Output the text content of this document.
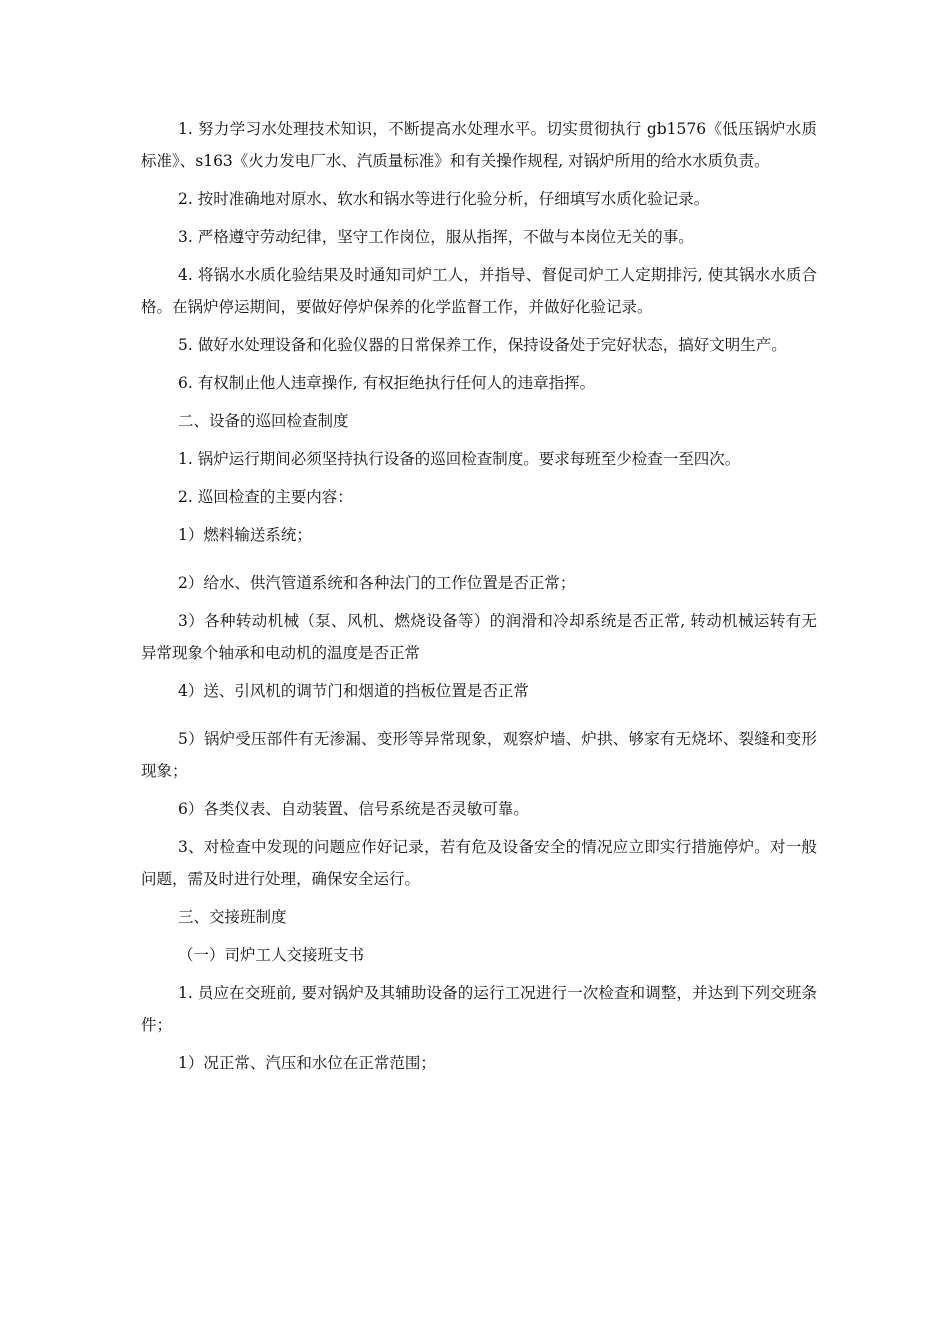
1. 努力学习水处理技术知识，不断提高水处理水平。切实贯彻执行 gb1576《低压锅炉水质标准》、s163《火力发电厂水、汽质量标准》和有关操作规程, 对锅炉所用的给水水质负责。

2. 按时准确地对原水、软水和锅水等进行化验分析，仔细填写水质化验记录。

3. 严格遵守劳动纪律，坚守工作岗位，服从指挥，不做与本岗位无关的事。

4. 将锅水水质化验结果及时通知司炉工人，并指导、督促司炉工人定期排污, 使其锅水水质合格。在锅炉停运期间，要做好停炉保养的化学监督工作，并做好化验记录。

5. 做好水处理设备和化验仪器的日常保养工作，保持设备处于完好状态，搞好文明生产。

6. 有权制止他人违章操作, 有权拒绝执行任何人的违章指挥。

二、设备的巡回检查制度

1. 锅炉运行期间必须坚持执行设备的巡回检查制度。要求每班至少检查一至四次。

2. 巡回检查的主要内容：

1）燃料输送系统；

2）给水、供汽管道系统和各种法门的工作位置是否正常；

3）各种转动机械（泵、风机、燃烧设备等）的润滑和冷却系统是否正常, 转动机械运转有无异常现象个轴承和电动机的温度是否正常

4）送、引风机的调节门和烟道的挡板位置是否正常

5）锅炉受压部件有无渗漏、变形等异常现象，观察炉墙、炉拱、够家有无烧坏、裂缝和变形现象；

6）各类仪表、自动装置、信号系统是否灵敏可靠。

3、对检查中发现的问题应作好记录，若有危及设备安全的情况应立即实行措施停炉。对一般问题，需及时进行处理，确保安全运行。

三、交接班制度

（一）司炉工人交接班支书

1. 员应在交班前, 要对锅炉及其辅助设备的运行工况进行一次检查和调整，并达到下列交班条件；

1）况正常、汽压和水位在正常范围；
